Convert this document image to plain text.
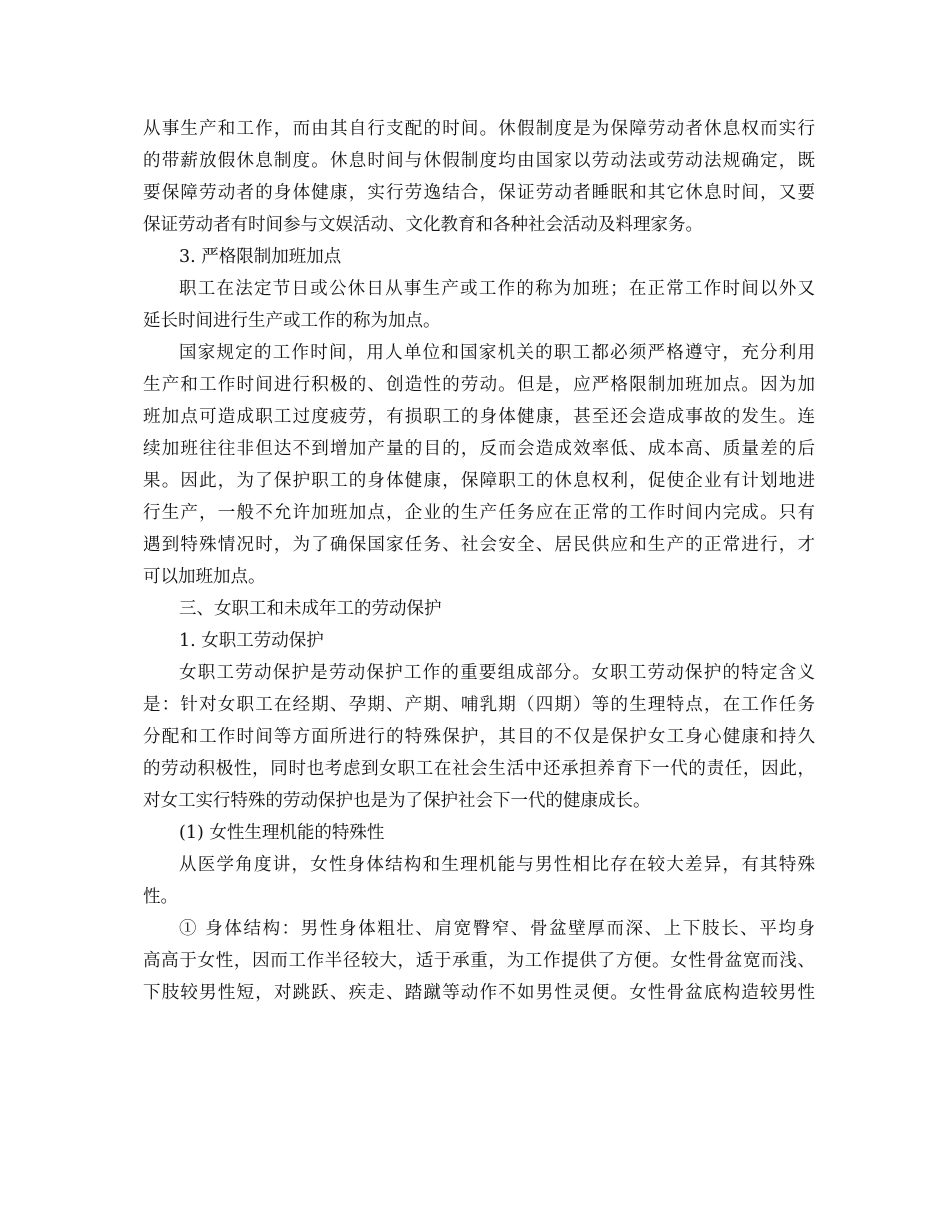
从事生产和工作，而由其自行支配的时间。休假制度是为保障劳动者休息权而实行
的带薪放假休息制度。休息时间与休假制度均由国家以劳动法或劳动法规确定，既
要保障劳动者的身体健康，实行劳逸结合，保证劳动者睡眠和其它休息时间，又要
保证劳动者有时间参与文娱活动、文化教育和各种社会活动及料理家务。
3. 严格限制加班加点
职工在法定节日或公休日从事生产或工作的称为加班；在正常工作时间以外又
延长时间进行生产或工作的称为加点。
国家规定的工作时间，用人单位和国家机关的职工都必须严格遵守，充分利用
生产和工作时间进行积极的、创造性的劳动。但是，应严格限制加班加点。因为加
班加点可造成职工过度疲劳，有损职工的身体健康，甚至还会造成事故的发生。连
续加班往往非但达不到增加产量的目的，反而会造成效率低、成本高、质量差的后
果。因此，为了保护职工的身体健康，保障职工的休息权利，促使企业有计划地进
行生产，一般不允许加班加点，企业的生产任务应在正常的工作时间内完成。只有
遇到特殊情况时，为了确保国家任务、社会安全、居民供应和生产的正常进行，才
可以加班加点。
三、女职工和未成年工的劳动保护
1. 女职工劳动保护
女职工劳动保护是劳动保护工作的重要组成部分。女职工劳动保护的特定含义
是：针对女职工在经期、孕期、产期、哺乳期（四期）等的生理特点，在工作任务
分配和工作时间等方面所进行的特殊保护，其目的不仅是保护女工身心健康和持久
的劳动积极性，同时也考虑到女职工在社会生活中还承担养育下一代的责任，因此，
对女工实行特殊的劳动保护也是为了保护社会下一代的健康成长。
(1) 女性生理机能的特殊性
从医学角度讲，女性身体结构和生理机能与男性相比存在较大差异，有其特殊
性。
① 身体结构：男性身体粗壮、肩宽臀窄、骨盆壁厚而深、上下肢长、平均身
高高于女性，因而工作半径较大，适于承重，为工作提供了方便。女性骨盆宽而浅、
下肢较男性短，对跳跃、疾走、踏蹴等动作不如男性灵便。女性骨盆底构造较男性
